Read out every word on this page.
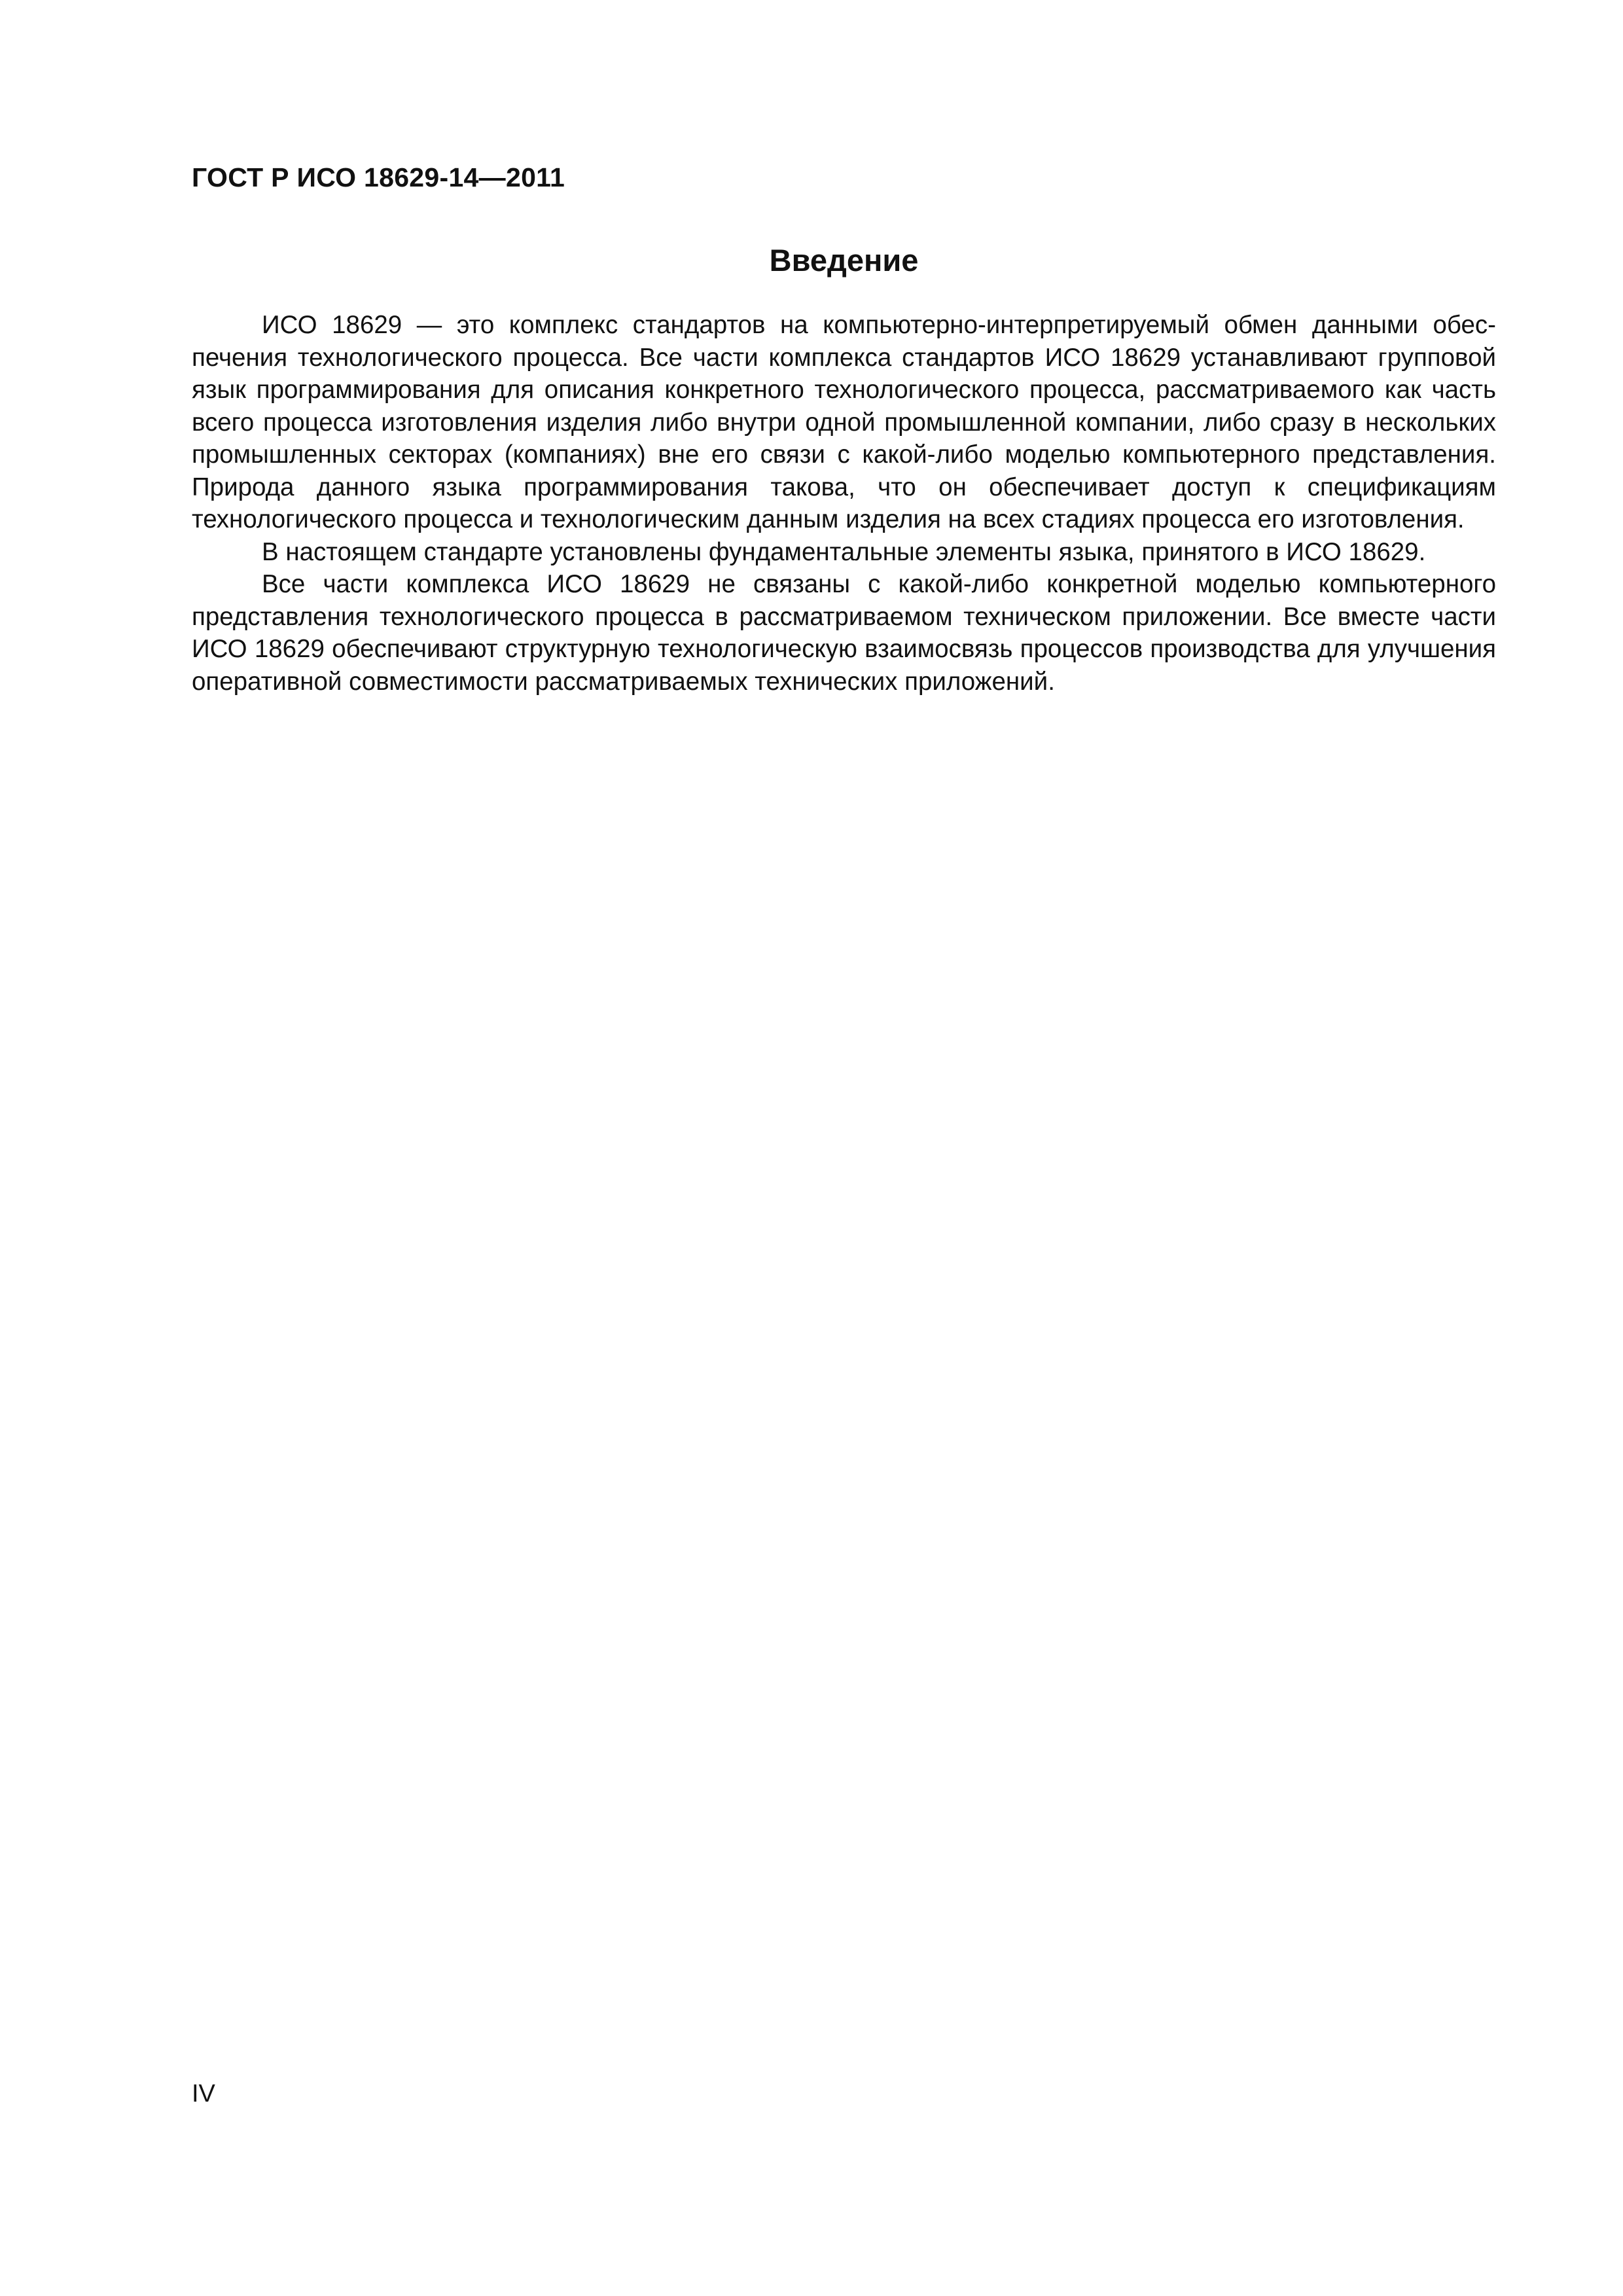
ГОСТ Р ИСО 18629-14—2011
Введение

ИСО 18629 — это комплекс стандартов на компьютерно-интерпретируемый обмен данными обеспечения технологического процесса. Все части комплекса стандартов ИСО 18629 устанавливают групповой язык программирования для описания конкретного технологического процесса, рассматриваемого как часть всего процесса изготовления изделия либо внутри одной промышленной компании, либо сразу в нескольких промышленных секторах (компаниях) вне его связи с какой-либо моделью компьютерного представления. Природа данного языка программирования такова, что он обеспечивает доступ к спецификациям технологического процесса и технологическим данным изделия на всех стадиях процесса его изготовления.

В настоящем стандарте установлены фундаментальные элементы языка, принятого в ИСО 18629.

Все части комплекса ИСО 18629 не связаны с какой-либо конкретной моделью компьютерного представления технологического процесса в рассматриваемом техническом приложении. Все вместе части ИСО 18629 обеспечивают структурную технологическую взаимосвязь процессов производства для улучшения оперативной совместимости рассматриваемых технических приложений.

IV
